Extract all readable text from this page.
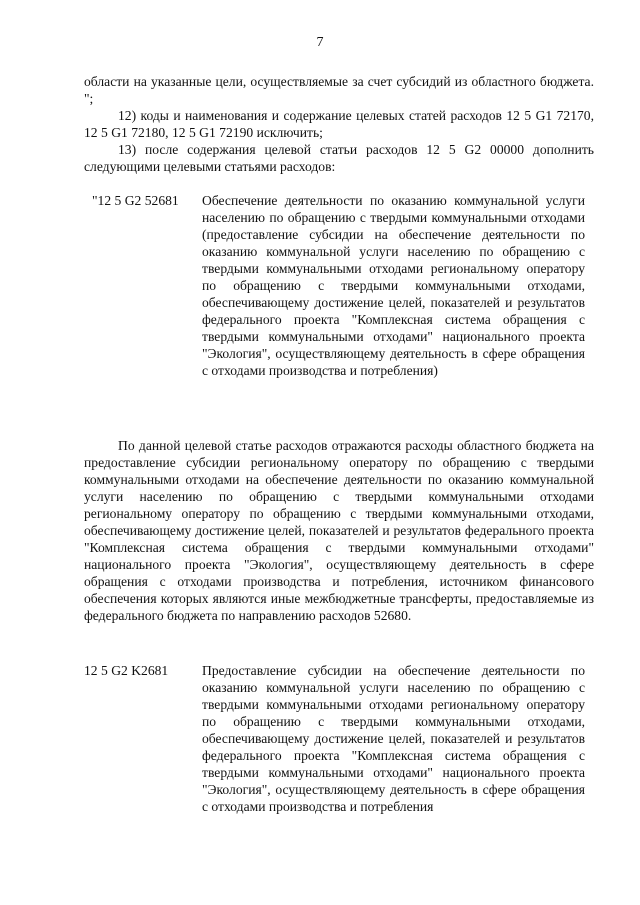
7

области на указанные цели, осуществляемые за счет субсидий из областного бюджета. ";

12) коды и наименования и содержание целевых статей расходов 12 5 G1 72170, 12 5 G1 72180, 12 5 G1 72190 исключить;

13) после содержания целевой статьи расходов 12 5 G2 00000 дополнить следующими целевыми статьями расходов:

"12 5 G2 52681 Обеспечение деятельности по оказанию коммунальной услуги населению по обращению с твердыми коммунальными отходами (предоставление субсидии на обеспечение деятельности по оказанию коммунальной услуги населению по обращению с твердыми коммунальными отходами региональному оператору по обращению с твердыми коммунальными отходами, обеспечивающему достижение целей, показателей и результатов федерального проекта "Комплексная система обращения с твердыми коммунальными отходами" национального проекта "Экология", осуществляющему деятельность в сфере обращения с отходами производства и потребления)

По данной целевой статье расходов отражаются расходы областного бюджета на предоставление субсидии региональному оператору по обращению с твердыми коммунальными отходами на обеспечение деятельности по оказанию коммунальной услуги населению по обращению с твердыми коммунальными отходами региональному оператору по обращению с твердыми коммунальными отходами, обеспечивающему достижение целей, показателей и результатов федерального проекта "Комплексная система обращения с твердыми коммунальными отходами" национального проекта "Экология", осуществляющему деятельность в сфере обращения с отходами производства и потребления, источником финансового обеспечения которых являются иные межбюджетные трансферты, предоставляемые из федерального бюджета по направлению расходов 52680.

12 5 G2 K2681 Предоставление субсидии на обеспечение деятельности по оказанию коммунальной услуги населению по обращению с твердыми коммунальными отходами региональному оператору по обращению с твердыми коммунальными отходами, обеспечивающему достижение целей, показателей и результатов федерального проекта "Комплексная система обращения с твердыми коммунальными отходами" национального проекта "Экология", осуществляющему деятельность в сфере обращения с отходами производства и потребления
